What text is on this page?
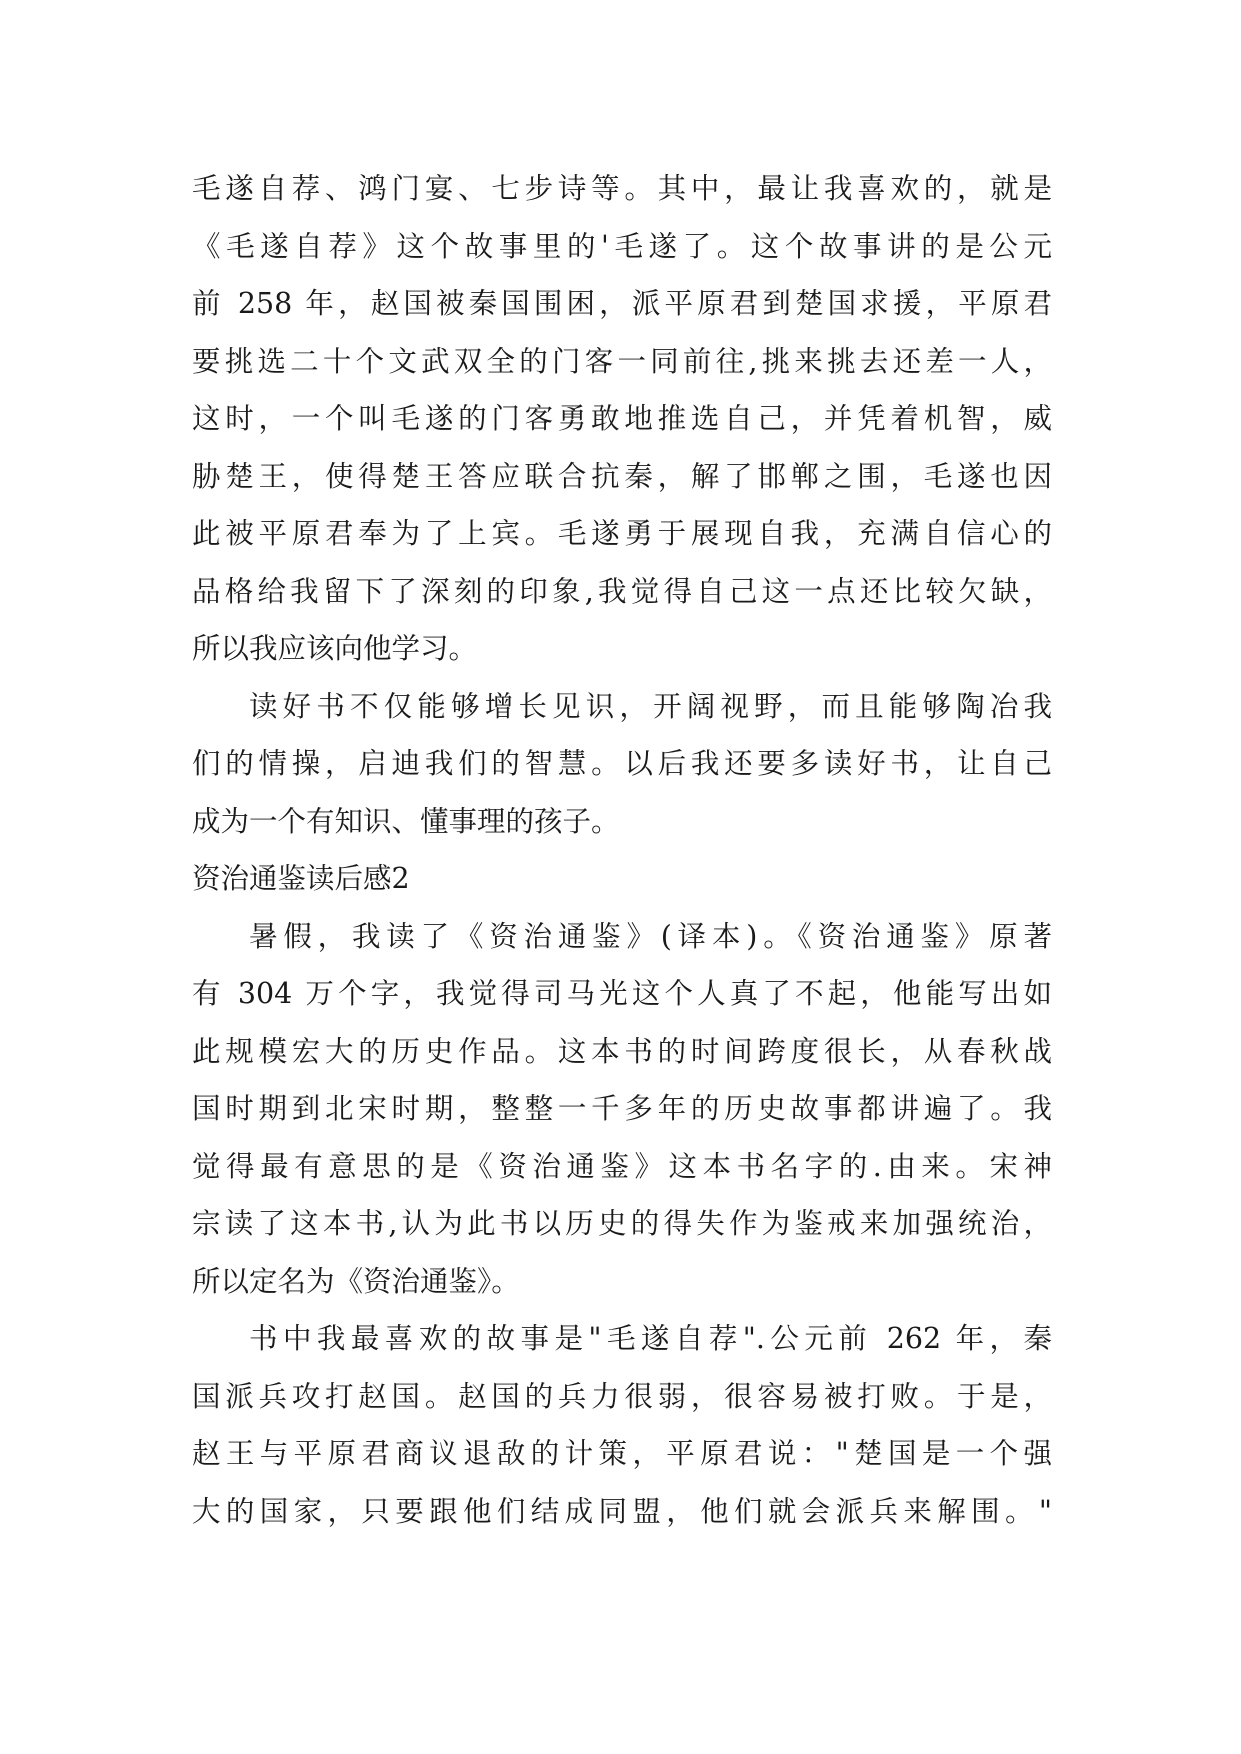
毛遂自荐、鸿门宴、七步诗等。其中，最让我喜欢的，就是
《毛遂自荐》这个故事里的'毛遂了。这个故事讲的是公元
前 258 年，赵国被秦国围困，派平原君到楚国求援，平原君
要挑选二十个文武双全的门客一同前往,挑来挑去还差一人，
这时，一个叫毛遂的门客勇敢地推选自己，并凭着机智，威
胁楚王，使得楚王答应联合抗秦，解了邯郸之围，毛遂也因
此被平原君奉为了上宾。毛遂勇于展现自我，充满自信心的
品格给我留下了深刻的印象,我觉得自己这一点还比较欠缺，
所以我应该向他学习。
读好书不仅能够增长见识，开阔视野，而且能够陶冶我
们的情操，启迪我们的智慧。以后我还要多读好书，让自己
成为一个有知识、懂事理的孩子。
资治通鉴读后感2
暑假，我读了《资治通鉴》(译本)。《资治通鉴》原著
有 304 万个字，我觉得司马光这个人真了不起，他能写出如
此规模宏大的历史作品。这本书的时间跨度很长，从春秋战
国时期到北宋时期，整整一千多年的历史故事都讲遍了。我
觉得最有意思的是《资治通鉴》这本书名字的.由来。宋神
宗读了这本书,认为此书以历史的得失作为鉴戒来加强统治，
所以定名为《资治通鉴》。
书中我最喜欢的故事是"毛遂自荐".公元前 262 年，秦
国派兵攻打赵国。赵国的兵力很弱，很容易被打败。于是，
赵王与平原君商议退敌的计策，平原君说："楚国是一个强
大的国家，只要跟他们结成同盟，他们就会派兵来解围。"
